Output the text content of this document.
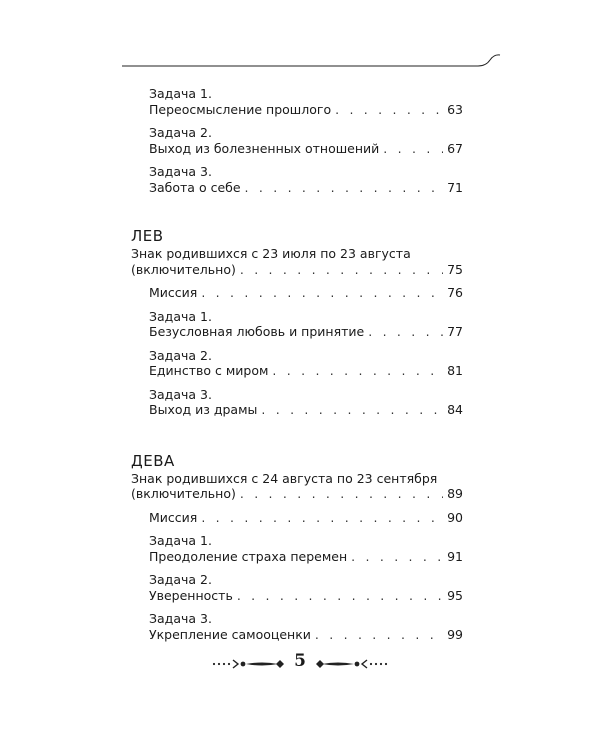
Задача 1.
Переосмысление прошлого . . .	63
Задача 2.
Выход из болезненных отношений . . .	67
Задача 3.
Забота о себе . . .	71
ЛЕВ
Знак родившихся с 23 июля по 23 августа
(включительно) . . .	75
Миссия . . .	76
Задача 1.
Безусловная любовь и принятие . . .	77
Задача 2.
Единство с миром . . .	81
Задача 3.
Выход из драмы . . .	84
ДЕВА
Знак родившихся с 24 августа по 23 сентября
(включительно) . . .	89
Миссия . . .	90
Задача 1.
Преодоление страха перемен . . .	91
Задача 2.
Уверенность . . .	95
Задача 3.
Укрепление самооценки . . .	99
5
